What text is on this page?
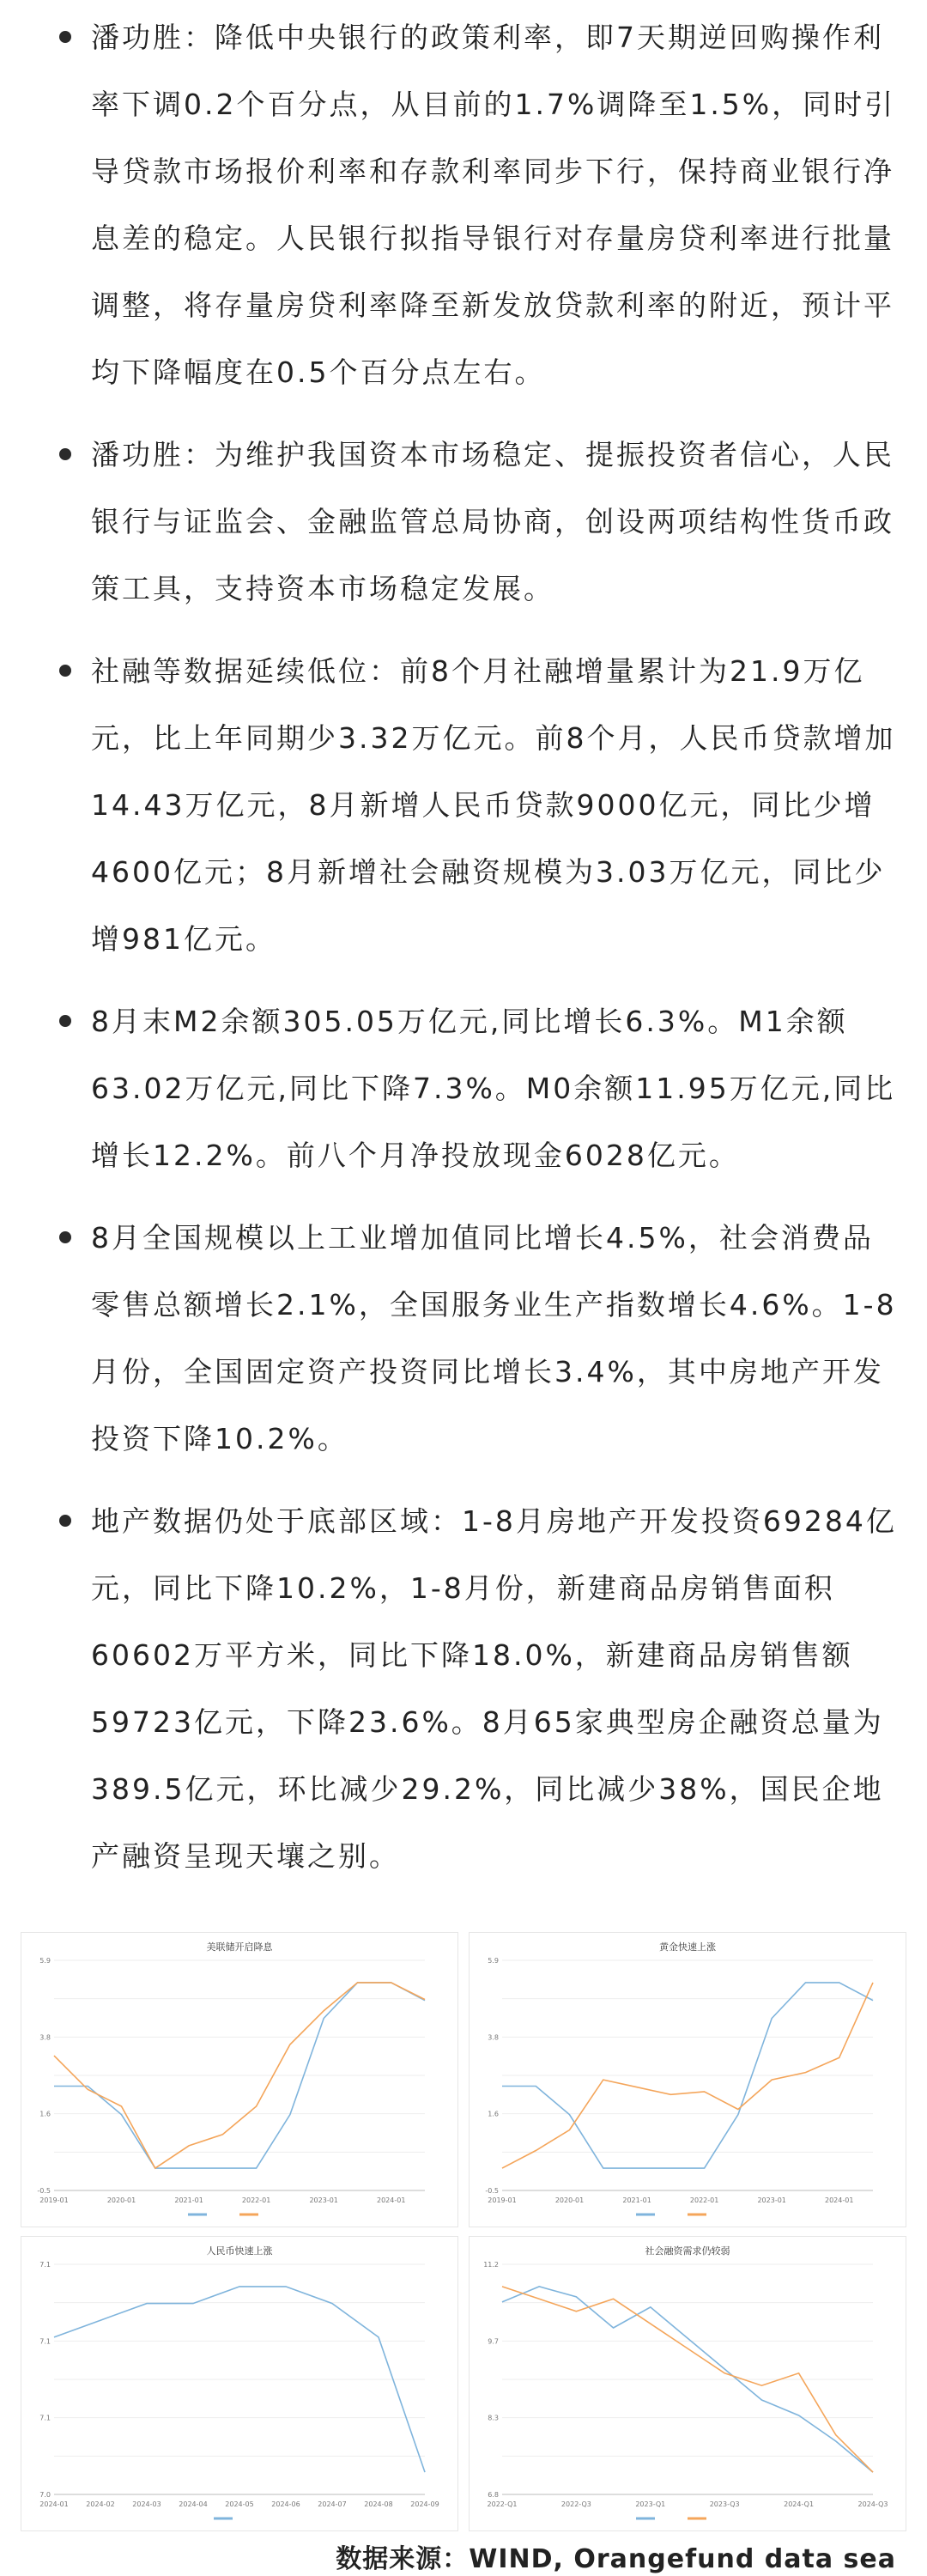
潘功胜：降低中央银行的政策利率，即7天期逆回购操作利率下调0.2个百分点，从目前的1.7%调降至1.5%，同时引导贷款市场报价利率和存款利率同步下行，保持商业银行净息差的稳定。人民银行拟指导银行对存量房贷利率进行批量调整，将存量房贷利率降至新发放贷款利率的附近，预计平均下降幅度在0.5个百分点左右。
潘功胜：为维护我国资本市场稳定、提振投资者信心，人民银行与证监会、金融监管总局协商，创设两项结构性货币政策工具，支持资本市场稳定发展。
社融等数据延续低位：前8个月社融增量累计为21.9万亿元，比上年同期少3.32万亿元。前8个月，人民币贷款增加14.43万亿元，8月新增人民币贷款9000亿元，同比少增4600亿元；8月新增社会融资规模为3.03万亿元，同比少增981亿元。
8月末M2余额305.05万亿元,同比增长6.3%。M1余额63.02万亿元,同比下降7.3%。M0余额11.95万亿元,同比增长12.2%。前八个月净投放现金6028亿元。
8月全国规模以上工业增加值同比增长4.5%，社会消费品零售总额增长2.1%，全国服务业生产指数增长4.6%。1-8月份，全国固定资产投资同比增长3.4%，其中房地产开发投资下降10.2%。
地产数据仍处于底部区域：1-8月房地产开发投资69284亿元，同比下降10.2%，1-8月份，新建商品房销售面积60602万平方米，同比下降18.0%，新建商品房销售额59723亿元，下降23.6%。8月65家典型房企融资总量为389.5亿元，环比减少29.2%，同比减少38%，国民企地产融资呈现天壤之别。
美联储开启降息
2019-01	2020-01	2021-01	2022-01	2023-01	2024-01
-0.5
1.6
3.8
5.9
黄金快速上涨
2019-01	2020-01	2021-01	2022-01	2023-01	2024-01
-0.5
1.6
3.8
5.9
人民币快速上涨
2024-01	2024-02	2024-03	2024-04	2024-05	2024-06	2024-07	2024-08	2024-09
7.0
7.1
7.1
7.1
社会融资需求仍较弱
2022-Q1	2022-Q3	2023-Q1	2023-Q3	2024-Q1	2024-Q3
6.8
8.3
9.7
11.2
数据来源：WIND, Orangefund data sea
